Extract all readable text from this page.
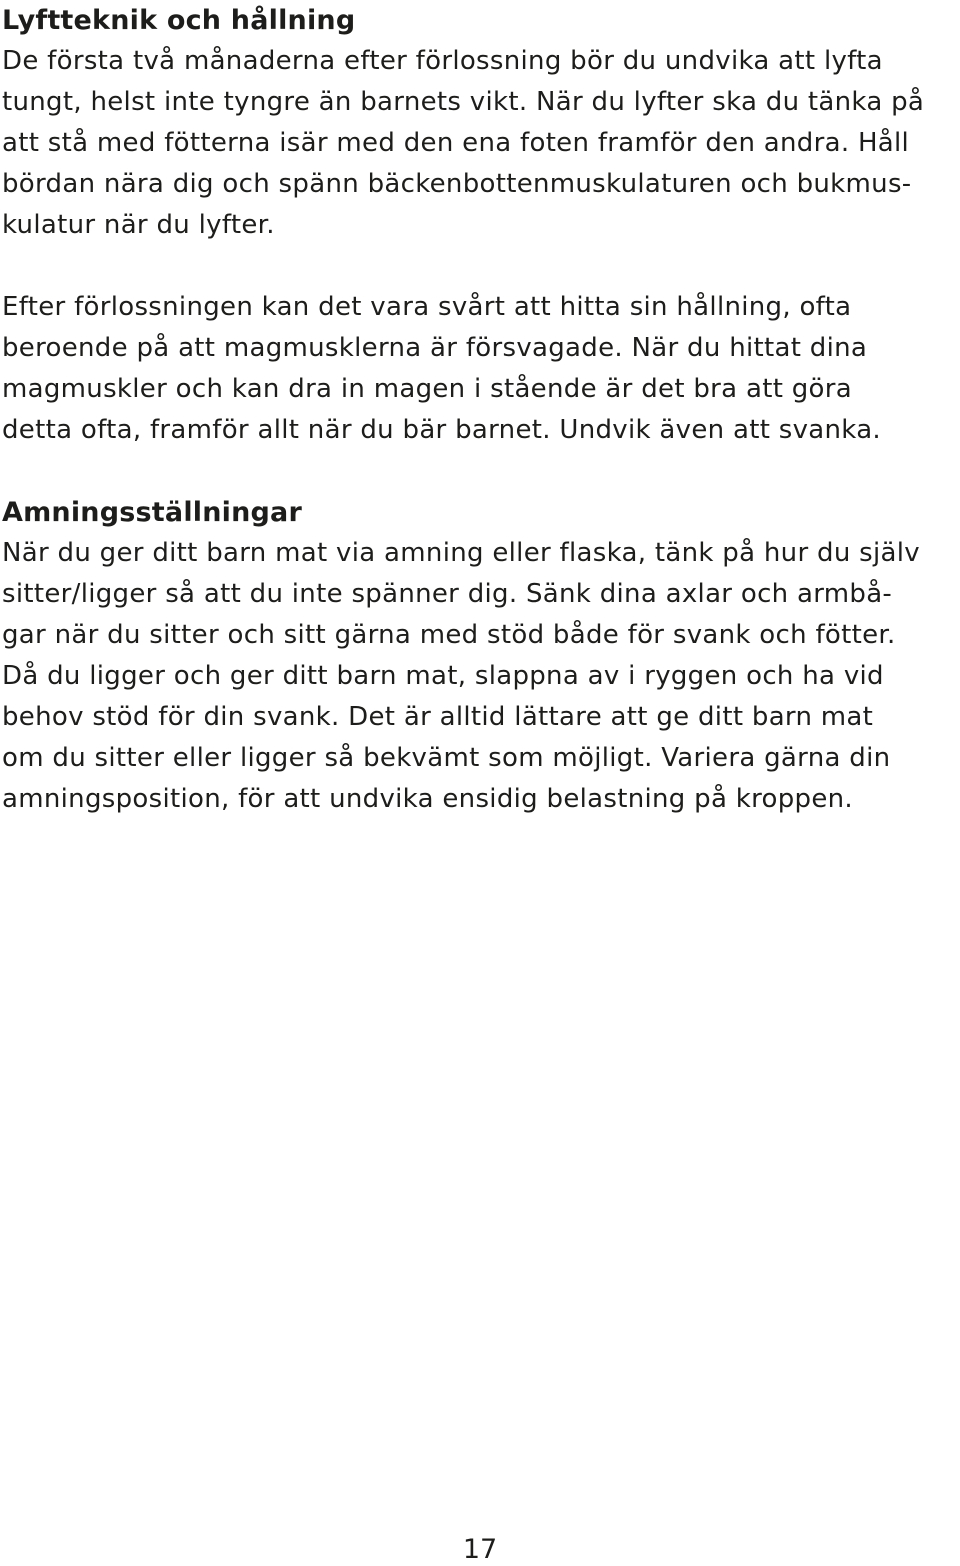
Lyftteknik och hållning
De första två månaderna efter förlossning bör du undvika att lyfta
tungt, helst inte tyngre än barnets vikt. När du lyfter ska du tänka på
att stå med fötterna isär med den ena foten framför den andra. Håll
bördan nära dig och spänn bäckenbottenmuskulaturen och bukmus-
kulatur när du lyfter.
Efter förlossningen kan det vara svårt att hitta sin hållning, ofta
beroende på att magmusklerna är försvagade. När du hittat dina
magmuskler och kan dra in magen i stående är det bra att göra
detta ofta, framför allt när du bär barnet. Undvik även att svanka.
Amningsställningar
När du ger ditt barn mat via amning eller flaska, tänk på hur du själv
sitter/ligger så att du inte spänner dig. Sänk dina axlar och armbå-
gar när du sitter och sitt gärna med stöd både för svank och fötter.
Då du ligger och ger ditt barn mat, slappna av i ryggen och ha vid
behov stöd för din svank. Det är alltid lättare att ge ditt barn mat
om du sitter eller ligger så bekvämt som möjligt. Variera gärna din
amningsposition, för att undvika ensidig belastning på kroppen.
17
